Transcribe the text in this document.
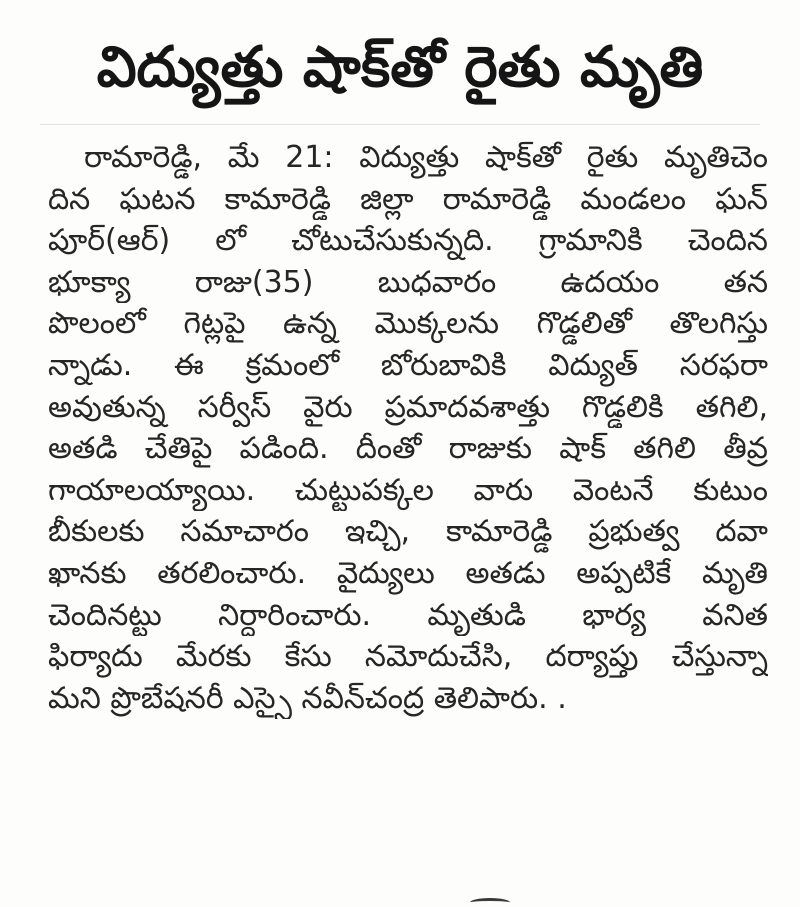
విద్యుత్తు షాక్‌తో రైతు మృతి
రామారెడ్డి, మే 21: విద్యుత్తు షాక్‌తో రైతు మృతిచెం
దిన ఘటన కామారెడ్డి జిల్లా రామారెడ్డి మండలం ఘన్
పూర్(ఆర్) లో చోటుచేసుకున్నది. గ్రామానికి చెందిన
భూక్యా రాజు(35) బుధవారం ఉదయం తన
పొలంలో గెట్లపై ఉన్న మొక్కలను గొడ్డలితో తొలగిస్తు
న్నాడు. ఈ క్రమంలో బోరుబావికి విద్యుత్ సరఫరా
అవుతున్న సర్వీస్ వైరు ప్రమాదవశాత్తు గొడ్డలికి తగిలి,
అతడి చేతిపై పడింది. దీంతో రాజుకు షాక్ తగిలి తీవ్ర
గాయాలయ్యాయి. చుట్టుపక్కల వారు వెంటనే కుటుం
బీకులకు సమాచారం ఇచ్చి, కామారెడ్డి ప్రభుత్వ దవా
ఖానకు తరలించారు. వైద్యులు అతడు అప్పటికే మృతి
చెందినట్టు నిర్ధారించారు. మృతుడి భార్య వనిత
ఫిర్యాదు మేరకు కేసు నమోదుచేసి, దర్యాప్తు చేస్తున్నా
మని ప్రొబేషనరీ ఎస్సై నవీన్‌చంద్ర తెలిపారు. .
